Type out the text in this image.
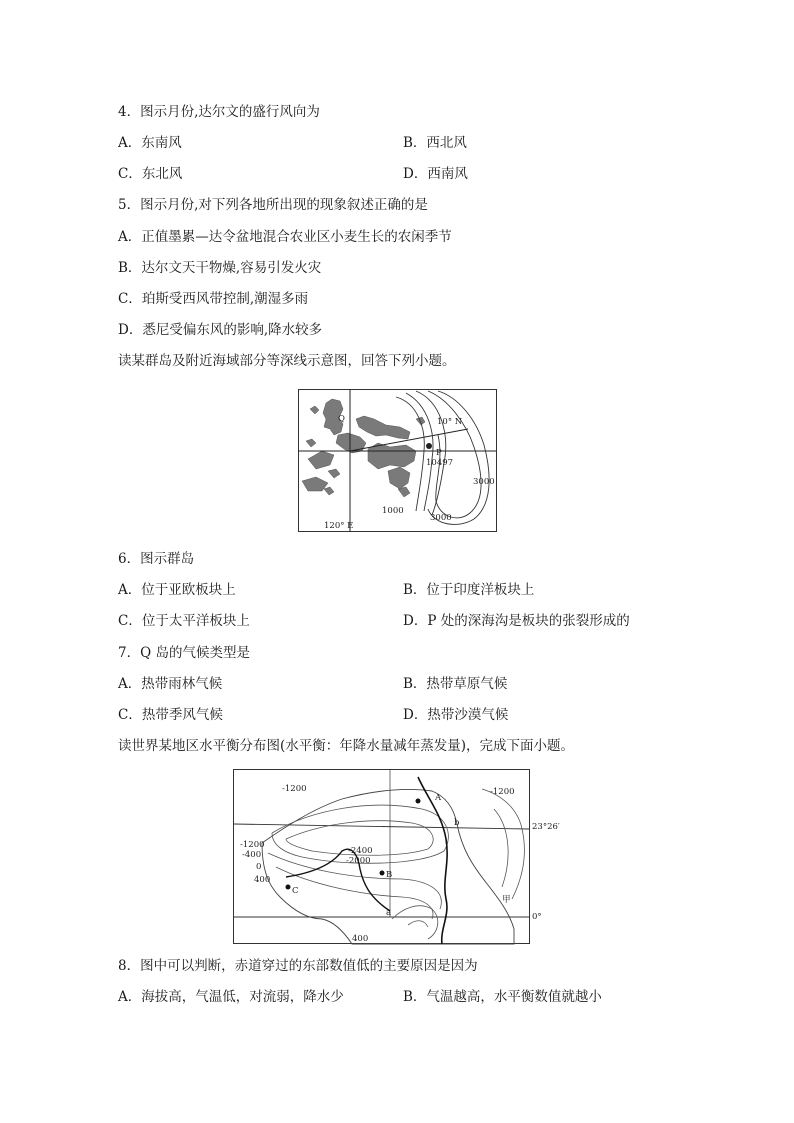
4．图示月份,达尔文的盛行风向为
A．东南风	B．西北风
C．东北风	D．西南风
5．图示月份,对下列各地所出现的现象叙述正确的是
A．正值墨累—达令盆地混合农业区小麦生长的农闲季节
B．达尔文天干物燥,容易引发火灾
C．珀斯受西风带控制,潮湿多雨
D．悉尼受偏东风的影响,降水较多
读某群岛及附近海域部分等深线示意图，回答下列小题。
Q
P
10° N
120° E
10497
1000
3000
3000
6．图示群岛
A．位于亚欧板块上	B．位于印度洋板块上
C．位于太平洋板块上	D．P 处的深海沟是板块的张裂形成的
7．Q 岛的气候类型是
A．热带雨林气候	B．热带草原气候
C．热带季风气候	D．热带沙漠气候
读世界某地区水平衡分布图(水平衡：年降水量减年蒸发量)，完成下面小题。
-1200	-1200
-1200
-400
0
400
400
-2400
-2000
A
B
C
甲
23°26′
0°
a
b
8．图中可以判断，赤道穿过的东部数值低的主要原因是因为
A．海拔高，气温低，对流弱，降水少	B．气温越高，水平衡数值就越小
